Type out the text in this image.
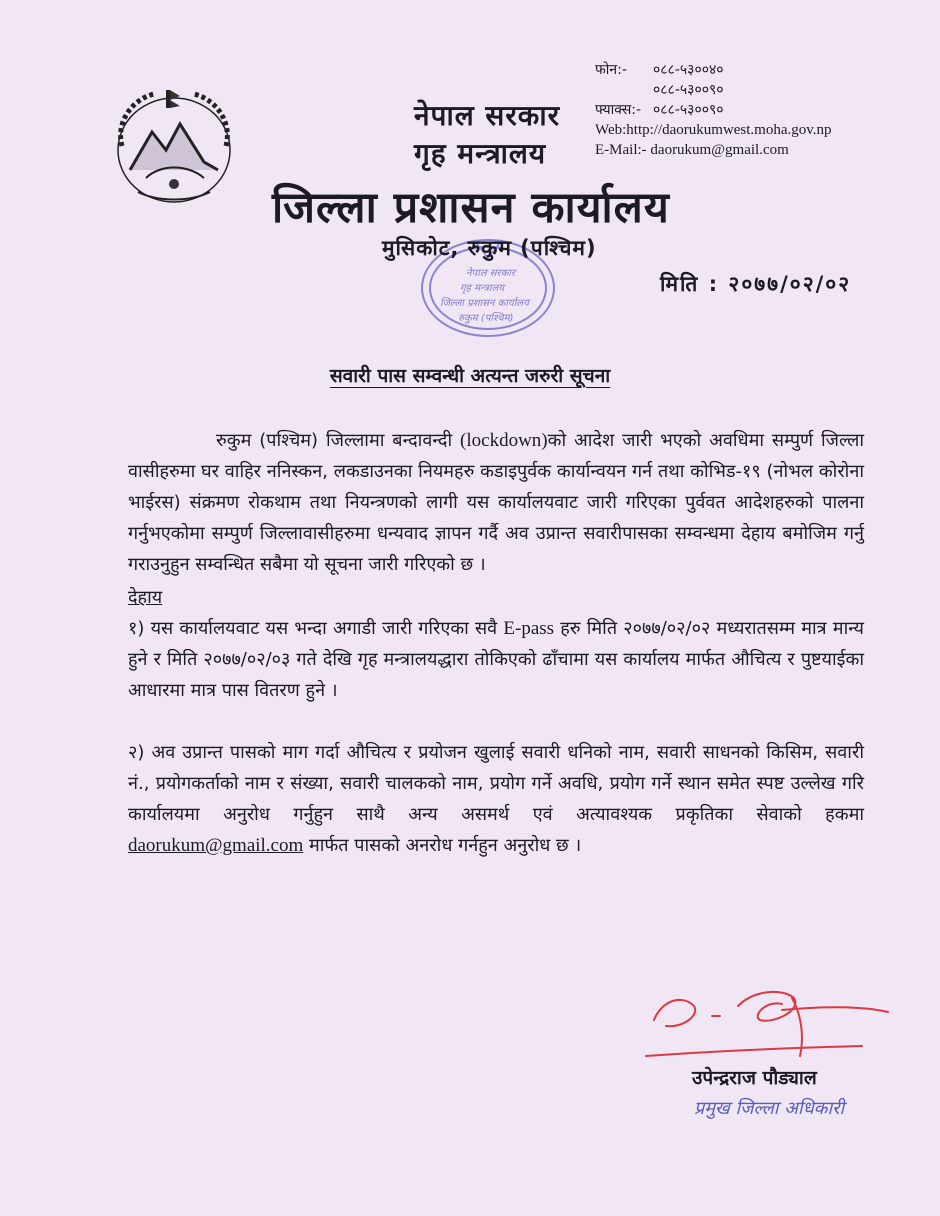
नेपाल सरकार
गृह मन्त्रालय
फोन:- ०८८-५३००४०
०८८-५३००९०
फ्याक्स:- ०८८-५३००९०
Web:http://daorukumwest.moha.gov.np
E-Mail:- daorukum@gmail.com
जिल्ला प्रशासन कार्यालय
नेपाल सरकार
गृह मन्त्रालय
जिल्ला प्रशासन कार्यालय
रुकुम (पश्चिम)
मुसिकोट, रुकुम (पश्चिम)
मिति : २०७७/०२/०२
सवारी पास सम्वन्धी अत्यन्त जरुरी सूचना

रुकुम (पश्चिम) जिल्लामा बन्दावन्दी (lockdown)को आदेश जारी भएको अवधिमा सम्पुर्ण जिल्ला वासीहरुमा घर वाहिर ननिस्कन, लकडाउनका नियमहरु कडाइपुर्वक कार्यान्वयन गर्न तथा कोभिड-१९ (नोभल कोरोना भाईरस) संक्रमण रोकथाम तथा नियन्त्रणको लागी यस कार्यालयवाट जारी गरिएका पुर्ववत आदेशहरुको पालना गर्नुभएकोमा सम्पुर्ण जिल्लावासीहरुमा धन्यवाद ज्ञापन गर्दै अव उप्रान्त सवारीपासका सम्वन्धमा देहाय बमोजिम गर्नु गराउनुहुन सम्वन्धित सबैमा यो सूचना जारी गरिएको छ ।

देहाय

१) यस कार्यालयवाट यस भन्दा अगाडी जारी गरिएका सवै E-pass हरु मिति २०७७/०२/०२ मध्यरातसम्म मात्र मान्य हुने र मिति २०७७/०२/०३ गते देखि गृह मन्त्रालयद्धारा तोकिएको ढाँचामा यस कार्यालय मार्फत औचित्य र पुष्टयाईका आधारमा मात्र पास वितरण हुने ।

२) अव उप्रान्त पासको माग गर्दा औचित्य र प्रयोजन खुलाई सवारी धनिको नाम, सवारी साधनको किसिम, सवारी नं., प्रयोगकर्ताको नाम र संख्या, सवारी चालकको नाम, प्रयोग गर्ने अवधि, प्रयोग गर्ने स्थान समेत स्पष्ट उल्लेख गरि कार्यालयमा अनुरोध गर्नुहुन साथै अन्य असमर्थ एवं अत्यावश्यक प्रकृतिका सेवाको हकमा daorukum@gmail.com मार्फत पासको अनरोध गर्नहुन अनुरोध छ ।

उपेन्द्रराज पौड्याल
प्रमुख जिल्ला अधिकारी
